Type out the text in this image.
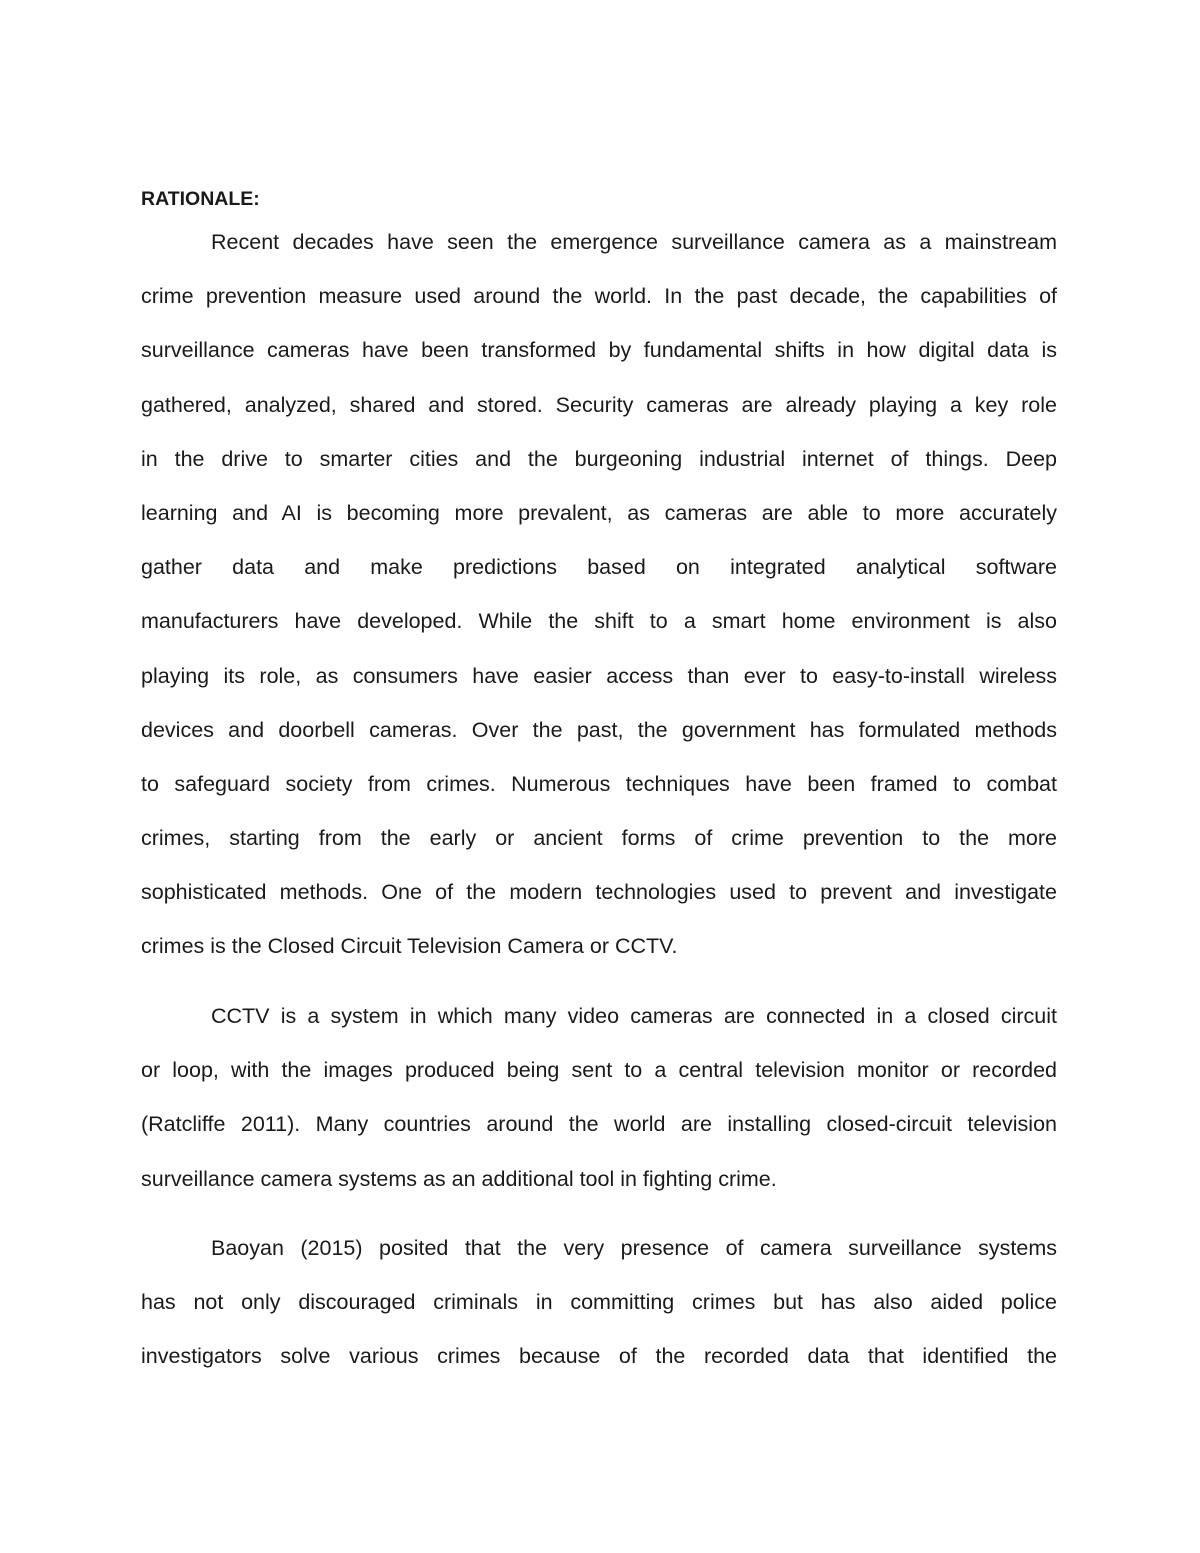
RATIONALE:
Recent decades have seen the emergence surveillance camera as a mainstream
crime prevention measure used around the world. In the past decade, the capabilities of
surveillance cameras have been transformed by fundamental shifts in how digital data is
gathered, analyzed, shared and stored. Security cameras are already playing a key role
in the drive to smarter cities and the burgeoning industrial internet of things. Deep
learning and AI is becoming more prevalent, as cameras are able to more accurately
gather data and make predictions based on integrated analytical software
manufacturers have developed. While the shift to a smart home environment is also
playing its role, as consumers have easier access than ever to easy-to-install wireless
devices and doorbell cameras. Over the past, the government has formulated methods
to safeguard society from crimes. Numerous techniques have been framed to combat
crimes, starting from the early or ancient forms of crime prevention to the more
sophisticated methods. One of the modern technologies used to prevent and investigate
crimes is the Closed Circuit Television Camera or CCTV.
CCTV is a system in which many video cameras are connected in a closed circuit
or loop, with the images produced being sent to a central television monitor or recorded
(Ratcliffe 2011). Many countries around the world are installing closed-circuit television
surveillance camera systems as an additional tool in fighting crime.
Baoyan (2015) posited that the very presence of camera surveillance systems
has not only discouraged criminals in committing crimes but has also aided police
investigators solve various crimes because of the recorded data that identified the
